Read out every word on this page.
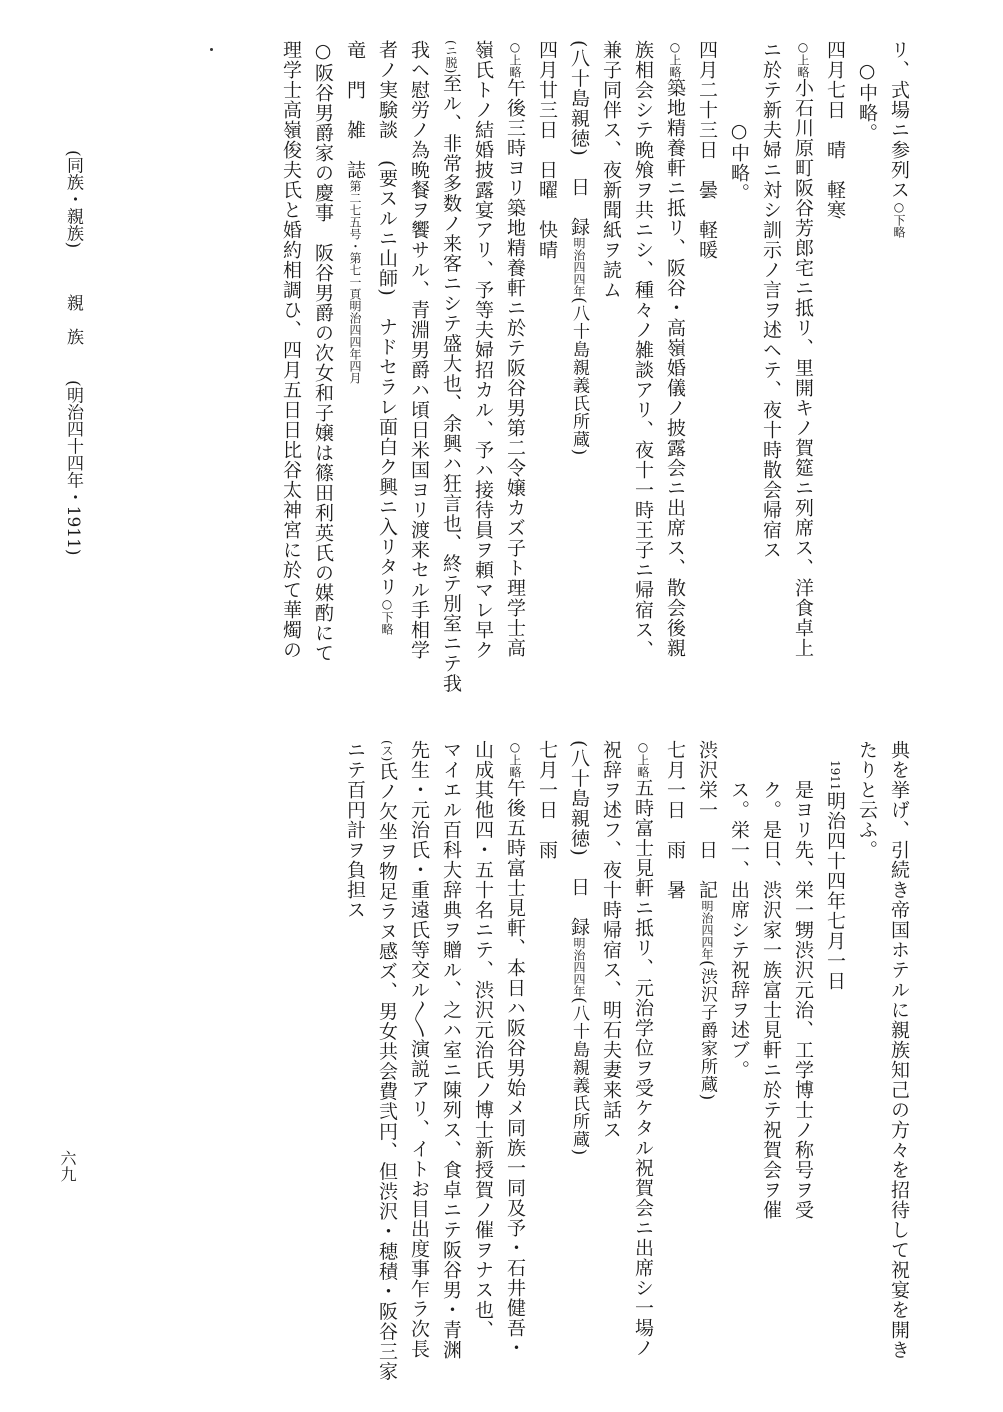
リ、式場ニ参列ス○下略
○中略。
四月七日　晴　軽寒
○上略小石川原町阪谷芳郎宅ニ抵リ、里開キノ賀筵ニ列席ス、洋食卓上
ニ於テ新夫婦ニ対シ訓示ノ言ヲ述ヘテ、夜十時散会帰宿ス
○中略。
四月二十三日　曇　軽暖
○上略築地精養軒ニ抵リ、阪谷・高嶺婚儀ノ披露会ニ出席ス、散会後親
族相会シテ晩飧ヲ共ニシ、種々ノ雑談アリ、夜十一時王子ニ帰宿ス、
兼子同伴ス、夜新聞紙ヲ読ム
(八十島親徳)　日　録明治四四年(八十島親義氏所蔵)
四月廿三日　日曜　快晴
○上略午後三時ヨリ築地精養軒ニ於テ阪谷男第二令嬢カズ子ト理学士高
嶺氏トノ結婚披露宴アリ、予等夫婦招カル、予ハ接待員ヲ頼マレ早ク
(ニ脱)至ル、非常多数ノ来客ニシテ盛大也、余興ハ狂言也、終テ別室ニテ我
我ヘ慰労ノ為晩餐ヲ饗サル、青淵男爵ハ頃日米国ヨリ渡来セル手相学
者ノ実験談　(要スルニ山師)　ナドセラレ面白ク興ニ入リタリ○下略
竜　門　雑　誌第二七五号・第七一頁明治四四年四月
○阪谷男爵家の慶事　阪谷男爵の次女和子嬢は篠田利英氏の媒酌にて
理学士高嶺俊夫氏と婚約相調ひ、四月五日日比谷太神宮に於て華燭の
典を挙げ、引続き帝国ホテルに親族知己の方々を招待して祝宴を開き
たりと云ふ。
1911明治四十四年七月一日
是ヨリ先、栄一甥渋沢元治、工学博士ノ称号ヲ受
ク。是日、渋沢家一族富士見軒ニ於テ祝賀会ヲ催
ス。栄一、出席シテ祝辞ヲ述ブ。
渋沢栄一　日　記明治四四年(渋沢子爵家所蔵)
七月一日　雨　暑
○上略五時富士見軒ニ抵リ、元治学位ヲ受ケタル祝賀会ニ出席シ一場ノ
祝辞ヲ述フ、夜十時帰宿ス、明石夫妻来話ス
(八十島親徳)　日　録明治四四年(八十島親義氏所蔵)
七月一日　雨
○上略午後五時富士見軒、本日ハ阪谷男始メ同族一同及予・石井健吾・
山成其他四・五十名ニテ、渋沢元治氏ノ博士新授賀ノ催ヲナス也、
マイエル百科大辞典ヲ贈ル、之ハ室ニ陳列ス、食卓ニテ阪谷男・青渊
先生・元治氏・重遠氏等交ル〱演説アリ、イトお目出度事乍ラ次長
(ス)氏ノ欠坐ヲ物足ラヌ感ズ、男女共会費弐円、但渋沢・穂積・阪谷三家
ニテ百円計ヲ負担ス
(同族・親族) 親　族 (明治四十四年・1911)
六九
